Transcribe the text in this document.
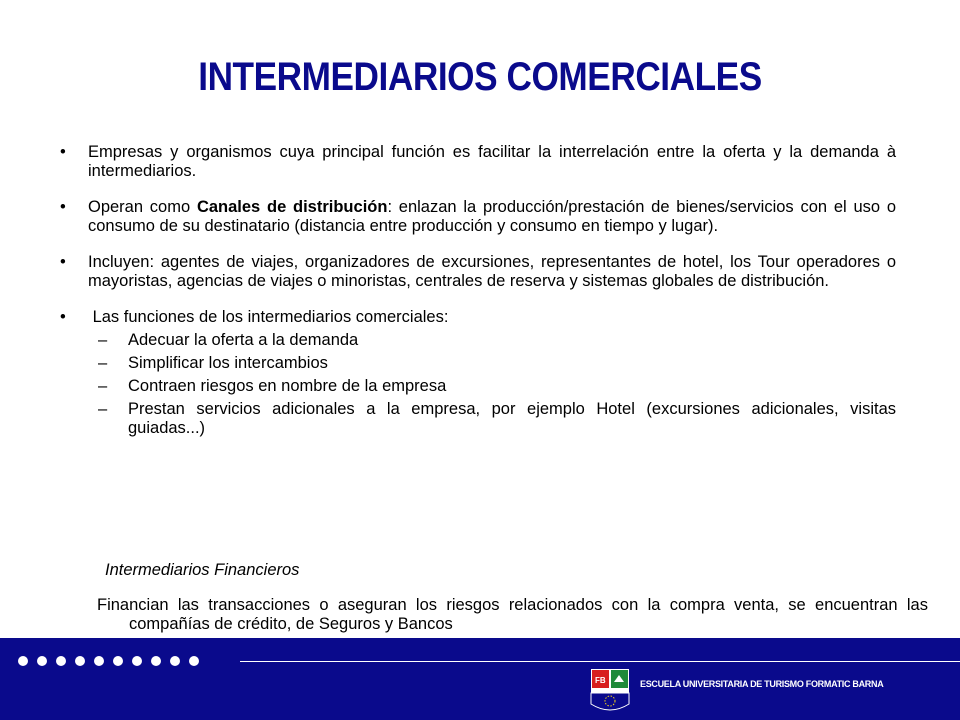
INTERMEDIARIOS COMERCIALES
• Empresas y organismos cuya principal función es facilitar la interrelación entre la oferta y la demanda à intermediarios.
• Operan como Canales de distribución: enlazan la producción/prestación de bienes/servicios con el uso o consumo de su destinatario (distancia entre producción y consumo en tiempo y lugar).
• Incluyen: agentes de viajes, organizadores de excursiones, representantes de hotel, los Tour operadores o mayoristas, agencias de viajes o minoristas, centrales de reserva y sistemas globales de distribución.
• Las funciones de los intermediarios comerciales:
– Adecuar la oferta a la demanda
– Simplificar los intercambios
– Contraen riesgos en nombre de la empresa
– Prestan servicios adicionales a la empresa, por ejemplo Hotel (excursiones adicionales, visitas guiadas...)
Intermediarios Financieros
Financian las transacciones o aseguran los riesgos relacionados con la compra venta, se encuentran las compañías de crédito, de Seguros y Bancos
FB	ESCUELA UNIVERSITARIA DE TURISMO FORMATIC BARNA
